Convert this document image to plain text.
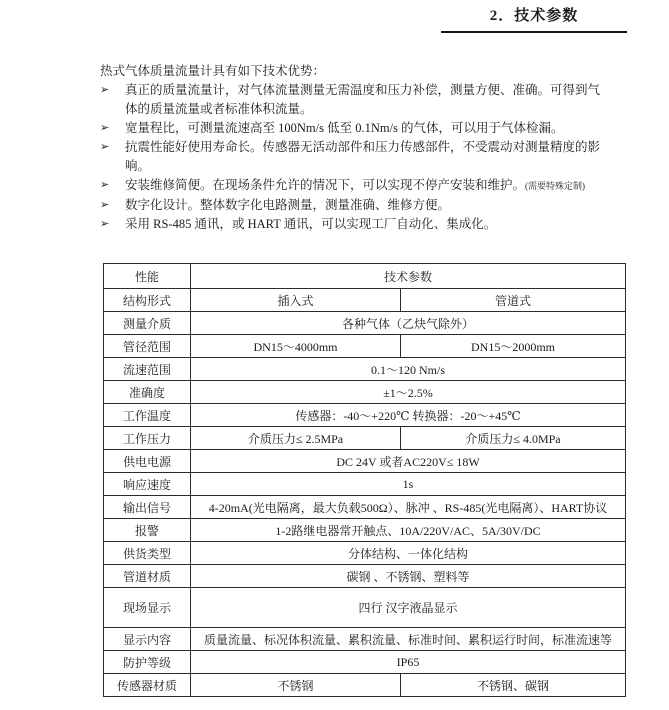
2．技术参数

热式气体质量流量计具有如下技术优势：

➢	真正的质量流量计，对气体流量测量无需温度和压力补偿，测量方便、准确。可得到气体的质量流量或者标准体积流量。
➢	宽量程比，可测量流速高至 100Nm/s 低至 0.1Nm/s 的气体，可以用于气体检漏。
➢	抗震性能好使用寿命长。传感器无活动部件和压力传感部件，不受震动对测量精度的影响。
➢	安装维修简便。在现场条件允许的情况下，可以实现不停产安装和维护。(需要特殊定制)
➢	数字化设计。整体数字化电路测量，测量准确、维修方便。
➢	采用 RS-485 通讯，或 HART 通讯，可以实现工厂自动化、集成化。
性能	技术参数	
结构形式	插入式	管道式
测量介质	各种气体（乙炔气除外）	
管径范围	DN15～4000mm	DN15～2000mm
流速范围	0.1～120 Nm/s	
准确度	±1～2.5%	
工作温度	传感器：-40～+220℃ 转换器：-20～+45℃	
工作压力	介质压力≤ 2.5MPa	介质压力≤ 4.0MPa
供电电源	DC 24V 或者AC220V≤ 18W	
响应速度	1s	
输出信号	4-20mA(光电隔离，最大负载500Ω）、脉冲 、RS-485(光电隔离）、HART协议	
报警	1-2路继电器常开触点、10A/220V/AC、5A/30V/DC	
供货类型	分体结构、一体化结构	
管道材质	碳钢 、不锈钢、塑料等	
现场显示	四行 汉字液晶显示	
显示内容	质量流量、标况体积流量、累积流量、标准时间、累积运行时间，标准流速等	
防护等级	IP65	
传感器材质	不锈钢	不锈钢、碳钢
